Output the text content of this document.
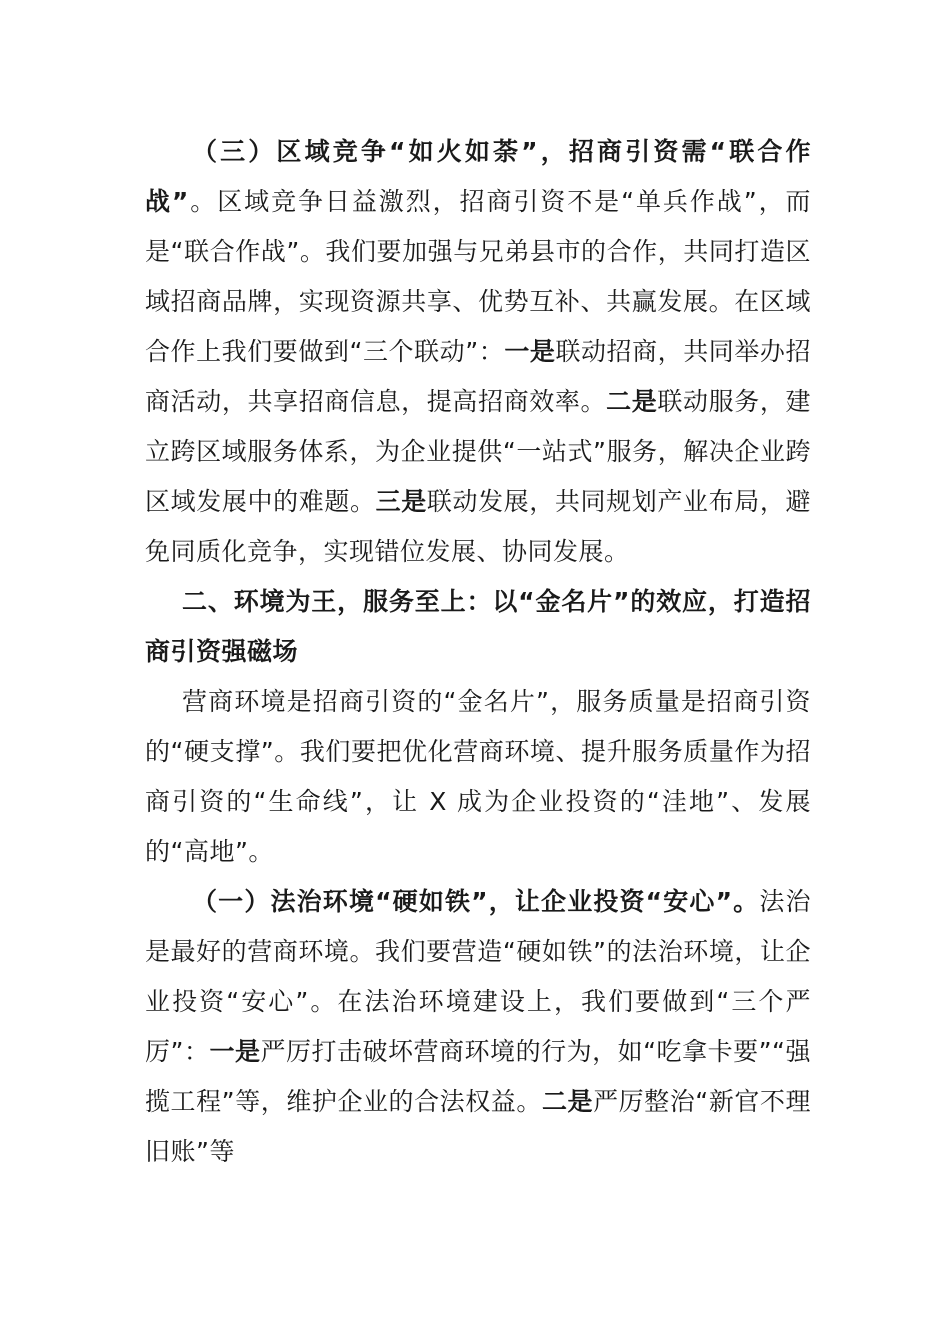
（三）区域竞争“如火如荼”，招商引资需“联合作战”。区域竞争日益激烈，招商引资不是“单兵作战”，而是“联合作战”。我们要加强与兄弟县市的合作，共同打造区域招商品牌，实现资源共享、优势互补、共赢发展。在区域合作上我们要做到“三个联动”：一是联动招商，共同举办招商活动，共享招商信息，提高招商效率。二是联动服务，建立跨区域服务体系，为企业提供“一站式”服务，解决企业跨区域发展中的难题。三是联动发展，共同规划产业布局，避免同质化竞争，实现错位发展、协同发展。

二、环境为王，服务至上：以“金名片”的效应，打造招商引资强磁场

营商环境是招商引资的“金名片”，服务质量是招商引资的“硬支撑”。我们要把优化营商环境、提升服务质量作为招商引资的“生命线”，让 X 成为企业投资的“洼地”、发展的“高地”。

（一）法治环境“硬如铁”，让企业投资“安心”。法治是最好的营商环境。我们要营造“硬如铁”的法治环境，让企业投资“安心”。在法治环境建设上，我们要做到“三个严厉”：一是严厉打击破坏营商环境的行为，如“吃拿卡要”“强揽工程”等，维护企业的合法权益。二是严厉整治“新官不理旧账”等
